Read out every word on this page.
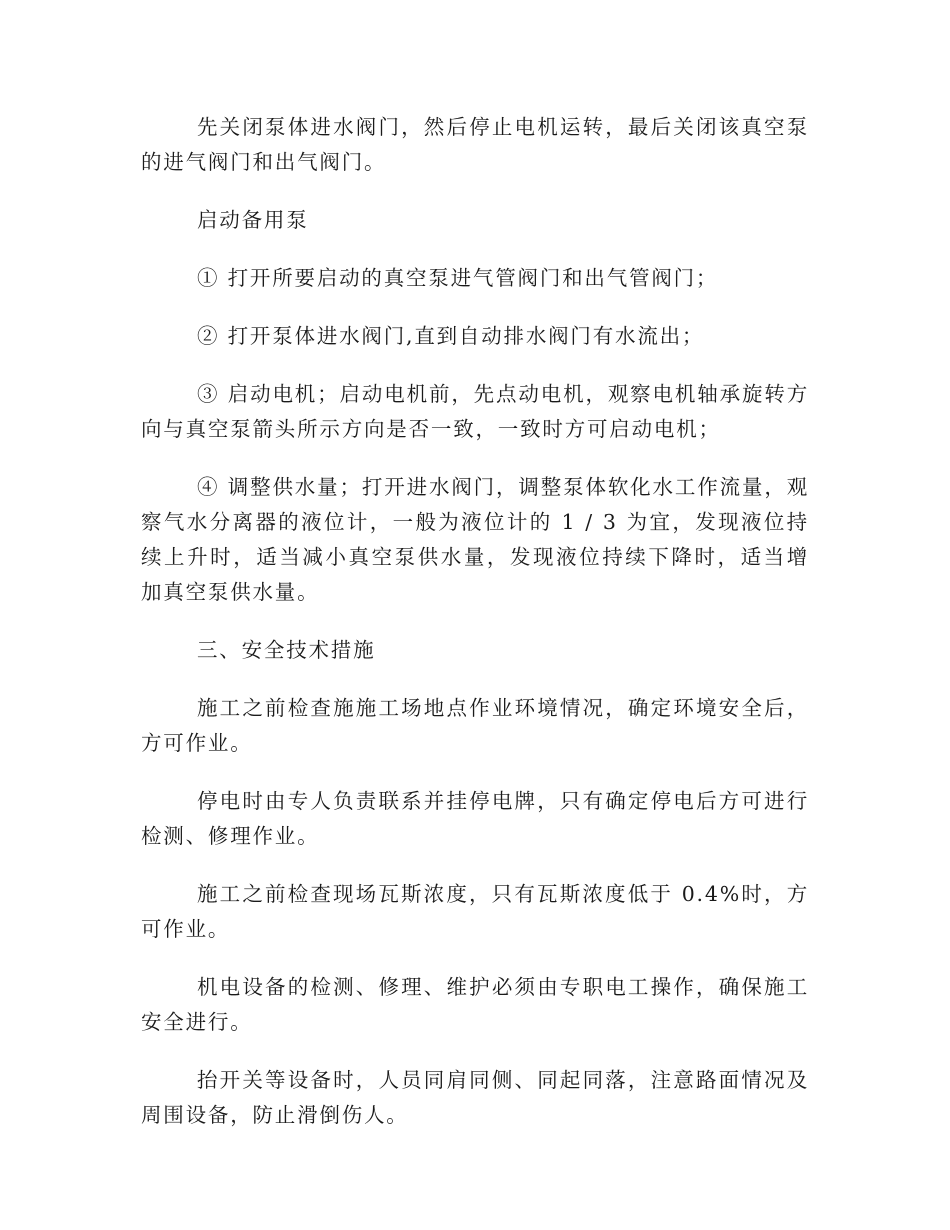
先关闭泵体进水阀门，然后停止电机运转，最后关闭该真空泵的进气阀门和出气阀门。

启动备用泵

① 打开所要启动的真空泵进气管阀门和出气管阀门；

② 打开泵体进水阀门,直到自动排水阀门有水流出；

③ 启动电机；启动电机前，先点动电机，观察电机轴承旋转方向与真空泵箭头所示方向是否一致，一致时方可启动电机；

④ 调整供水量；打开进水阀门，调整泵体软化水工作流量，观察气水分离器的液位计，一般为液位计的 1 / 3 为宜，发现液位持续上升时，适当减小真空泵供水量，发现液位持续下降时，适当增加真空泵供水量。

三、安全技术措施

施工之前检查施施工场地点作业环境情况，确定环境安全后，方可作业。

停电时由专人负责联系并挂停电牌，只有确定停电后方可进行检测、修理作业。

施工之前检查现场瓦斯浓度，只有瓦斯浓度低于 0.4%时，方可作业。

机电设备的检测、修理、维护必须由专职电工操作，确保施工安全进行。

抬开关等设备时，人员同肩同侧、同起同落，注意路面情况及周围设备，防止滑倒伤人。
